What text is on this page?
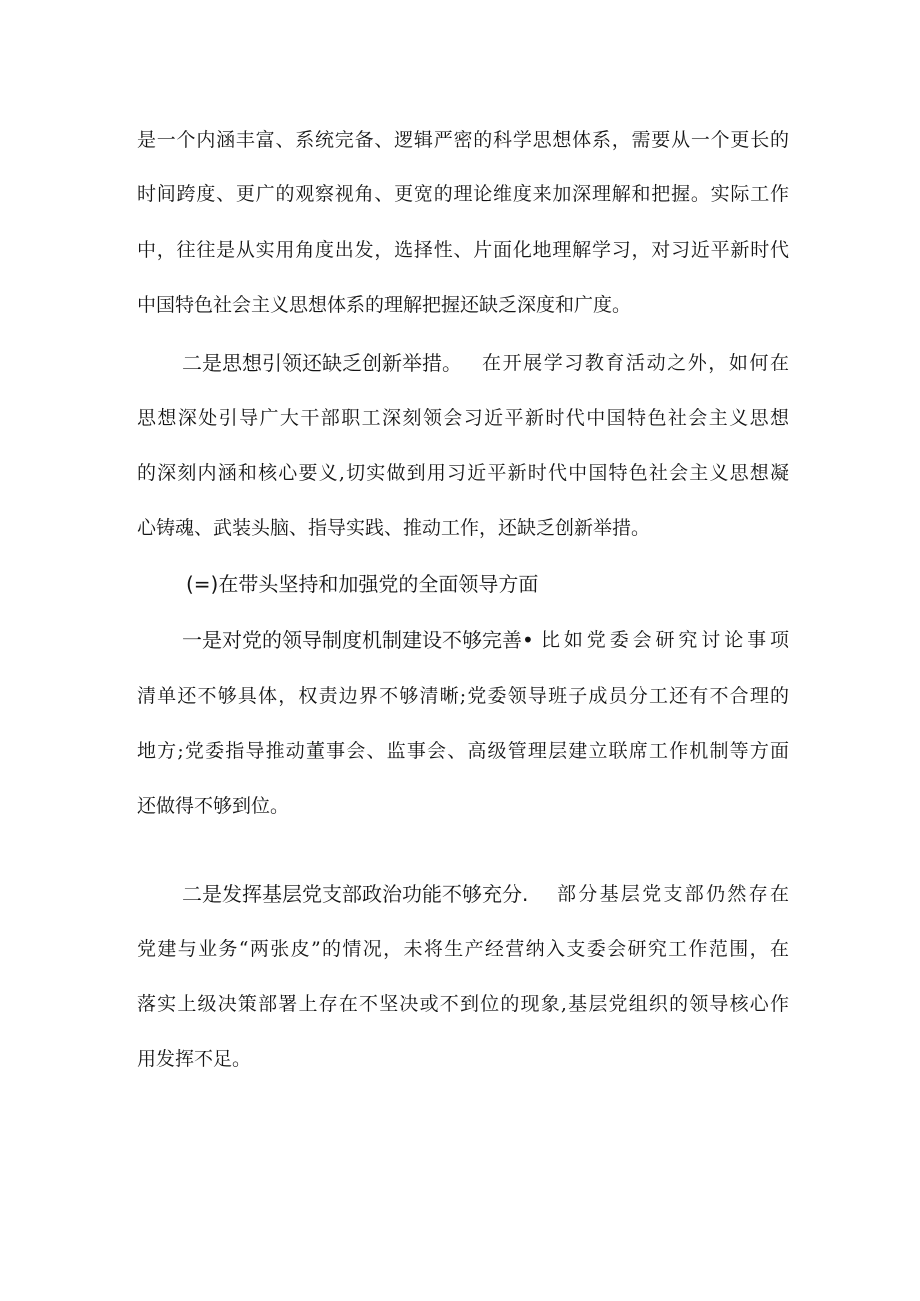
是一个内涵丰富、系统完备、逻辑严密的科学思想体系，需要从一个更长的
时间跨度、更广的观察视角、更宽的理论维度来加深理解和把握。实际工作
中，往往是从实用角度出发，选择性、片面化地理解学习，对习近平新时代
中国特色社会主义思想体系的理解把握还缺乏深度和广度。
二是思想引领还缺乏创新举措。 在开展学习教育活动之外，如何在
思想深处引导广大干部职工深刻领会习近平新时代中国特色社会主义思想
的深刻内涵和核心要义,切实做到用习近平新时代中国特色社会主义思想凝
心铸魂、武装头脑、指导实践、推动工作，还缺乏创新举措。
(=)在带头坚持和加强党的全面领导方面
一是对党的领导制度机制建设不够完善• 比如党委会研究讨论事项
清单还不够具体，权责边界不够清晰;党委领导班子成员分工还有不合理的
地方;党委指导推动董事会、监事会、高级管理层建立联席工作机制等方面
还做得不够到位。
二是发挥基层党支部政治功能不够充分. 部分基层党支部仍然存在
党建与业务“两张皮”的情况，未将生产经营纳入支委会研究工作范围，在
落实上级决策部署上存在不坚决或不到位的现象,基层党组织的领导核心作
用发挥不足。
